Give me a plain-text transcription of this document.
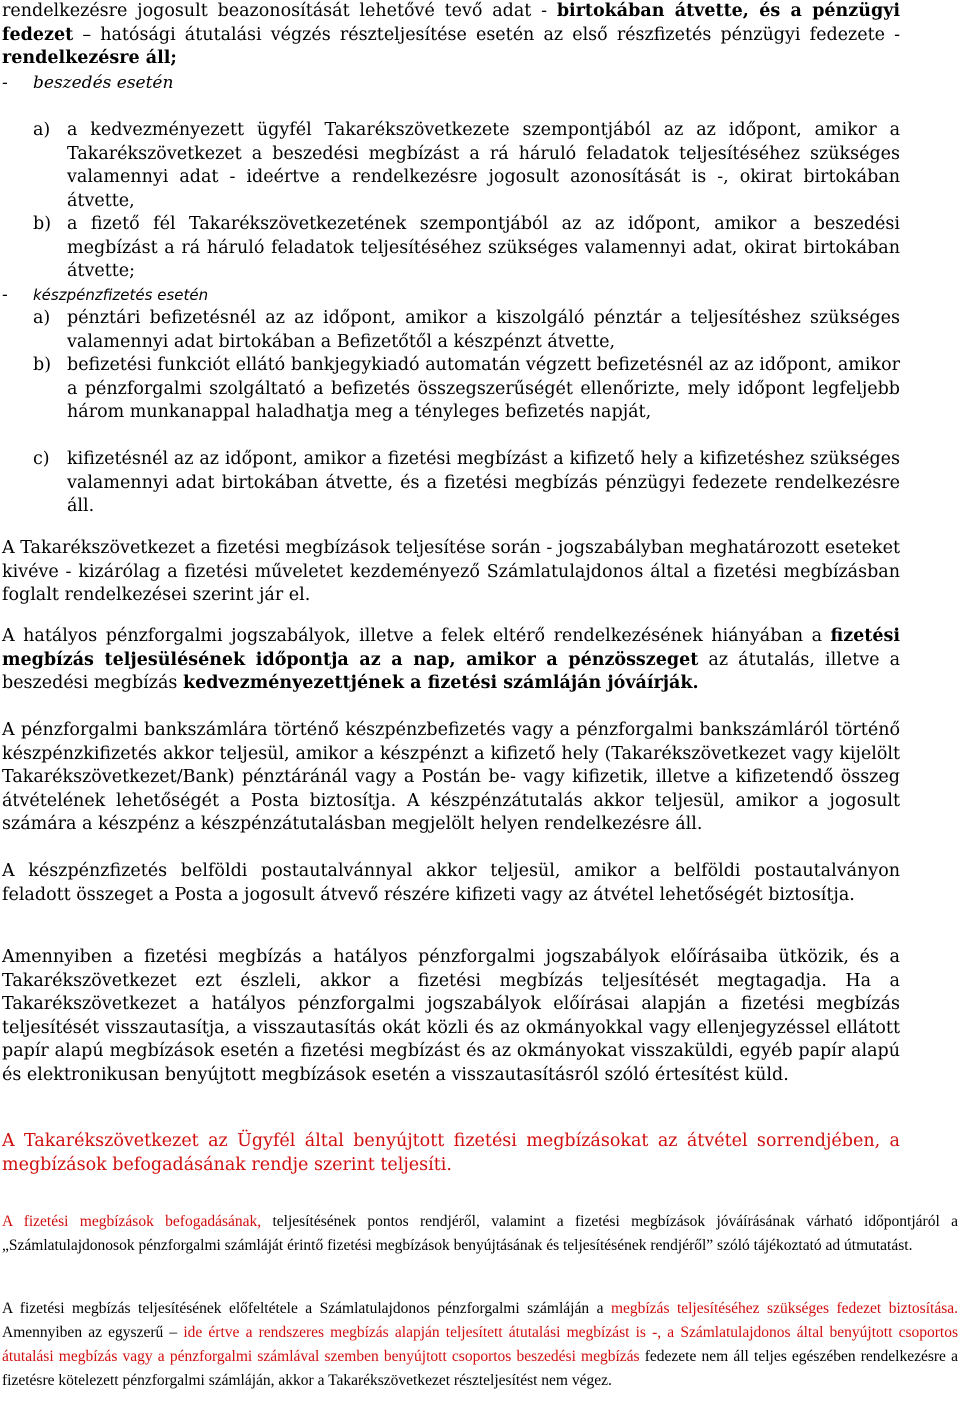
rendelkezésre jogosult beazonosítását lehetővé tevő adat - birtokában átvette, és a pénzügyi fedezet – hatósági átutalási végzés részteljesítése esetén az első részfizetés pénzügyi fedezete - rendelkezésre áll;

- beszedés esetén
a) a kedvezményezett ügyfél Takarékszövetkezete szempontjából az az időpont, amikor a Takarékszövetkezet a beszedési megbízást a rá háruló feladatok teljesítéséhez szükséges valamennyi adat - ideértve a rendelkezésre jogosult azonosítását is -, okirat birtokában átvette,

b) a fizető fél Takarékszövetkezetének szempontjából az az időpont, amikor a beszedési megbízást a rá háruló feladatok teljesítéséhez szükséges valamennyi adat, okirat birtokában átvette;

- készpénzfizetés esetén
a) pénztári befizetésnél az az időpont, amikor a kiszolgáló pénztár a teljesítéshez szükséges valamennyi adat birtokában a Befizetőtől a készpénzt átvette,

b) befizetési funkciót ellátó bankjegykiadó automatán végzett befizetésnél az az időpont, amikor a pénzforgalmi szolgáltató a befizetés összegszerűségét ellenőrizte, mely időpont legfeljebb három munkanappal haladhatja meg a tényleges befizetés napját,

c) kifizetésnél az az időpont, amikor a fizetési megbízást a kifizető hely a kifizetéshez szükséges valamennyi adat birtokában átvette, és a fizetési megbízás pénzügyi fedezete rendelkezésre áll.

A Takarékszövetkezet a fizetési megbízások teljesítése során - jogszabályban meghatározott eseteket kivéve - kizárólag a fizetési műveletet kezdeményező Számlatulajdonos által a fizetési megbízásban foglalt rendelkezései szerint jár el.

A hatályos pénzforgalmi jogszabályok, illetve a felek eltérő rendelkezésének hiányában a fizetési megbízás teljesülésének időpontja az a nap, amikor a pénzösszeget az átutalás, illetve a beszedési megbízás kedvezményezettjének a fizetési számláján jóváírják.

A pénzforgalmi bankszámlára történő készpénzbefizetés vagy a pénzforgalmi bankszámláról történő készpénzkifizetés akkor teljesül, amikor a készpénzt a kifizető hely (Takarékszövetkezet vagy kijelölt Takarékszövetkezet/Bank) pénztáránál vagy a Postán be- vagy kifizetik, illetve a kifizetendő összeg átvételének lehetőségét a Posta biztosítja. A készpénzátutalás akkor teljesül, amikor a jogosult számára a készpénz a készpénzátutalásban megjelölt helyen rendelkezésre áll.

A készpénzfizetés belföldi postautalvánnyal akkor teljesül, amikor a belföldi postautalványon feladott összeget a Posta a jogosult átvevő részére kifizeti vagy az átvétel lehetőségét biztosítja.

Amennyiben a fizetési megbízás a hatályos pénzforgalmi jogszabályok előírásaiba ütközik, és a Takarékszövetkezet ezt észleli, akkor a fizetési megbízás teljesítését megtagadja. Ha a Takarékszövetkezet a hatályos pénzforgalmi jogszabályok előírásai alapján a fizetési megbízás teljesítését visszautasítja, a visszautasítás okát közli és az okmányokkal vagy ellenjegyzéssel ellátott papír alapú megbízások esetén a fizetési megbízást és az okmányokat visszaküldi, egyéb papír alapú és elektronikusan benyújtott megbízások esetén a visszautasításról szóló értesítést küld.

A Takarékszövetkezet az Ügyfél által benyújtott fizetési megbízásokat az átvétel sorrendjében, a megbízások befogadásának rendje szerint teljesíti.

A fizetési megbízások befogadásának, teljesítésének pontos rendjéről, valamint a fizetési megbízások jóváírásának várható időpontjáról a „Számlatulajdonosok pénzforgalmi számláját érintő fizetési megbízások benyújtásának és teljesítésének rendjéről” szóló tájékoztató ad útmutatást.

A fizetési megbízás teljesítésének előfeltétele a Számlatulajdonos pénzforgalmi számláján a megbízás teljesítéséhez szükséges fedezet biztosítása. Amennyiben az egyszerű – ide értve a rendszeres megbízás alapján teljesített átutalási megbízást is -, a Számlatulajdonos által benyújtott csoportos átutalási megbízás vagy a pénzforgalmi számlával szemben benyújtott csoportos beszedési megbízás fedezete nem áll teljes egészében rendelkezésre a fizetésre kötelezett pénzforgalmi számláján, akkor a Takarékszövetkezet részteljesítést nem végez.
